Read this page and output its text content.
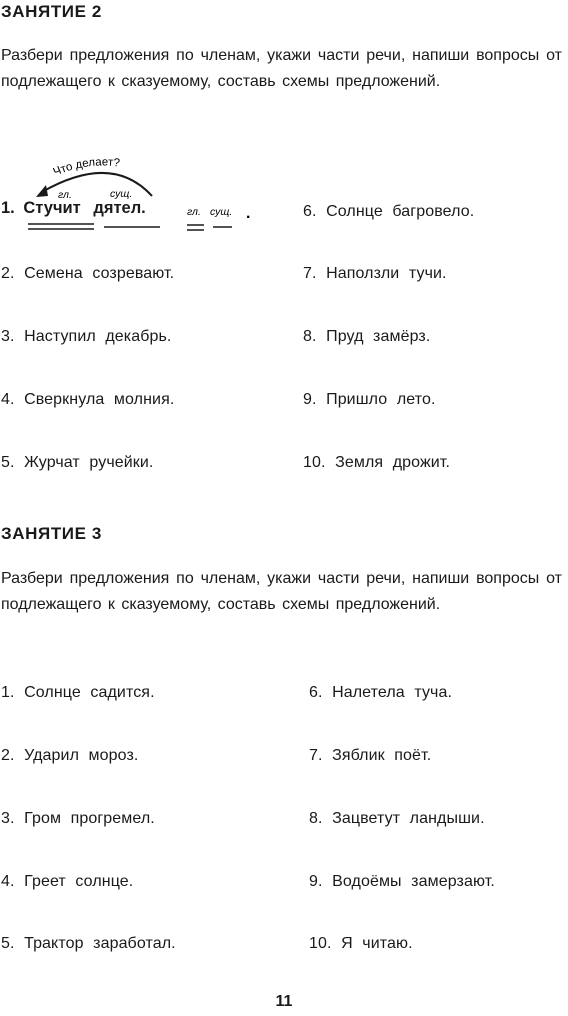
ЗАНЯТИЕ 2

Разбери предложения по членам, укажи части речи, напиши вопросы от подлежащего к сказуемому, составь схемы предложений.

Что делает?
гл.	сущ.
гл. сущ. .
1. Стучит дятел.	6. Солнце багровело.
7. Наползли тучи.
8. Пруд замёрз.
9. Пришло лето.
10. Земля дрожит.
2. Семена созревают.
3. Наступил декабрь.
4. Сверкнула молния.
5. Журчат ручейки.
ЗАНЯТИЕ 3

Разбери предложения по членам, укажи части речи, напиши вопросы от подлежащего к сказуемому, составь схемы предложений.

1. Солнце садится.
2. Ударил мороз.
3. Гром прогремел.
4. Греет солнце.
5. Трактор заработал.
6. Налетела туча.
7. Зяблик поёт.
8. Зацветут ландыши.
9. Водоёмы замерзают.
10. Я читаю.
11
